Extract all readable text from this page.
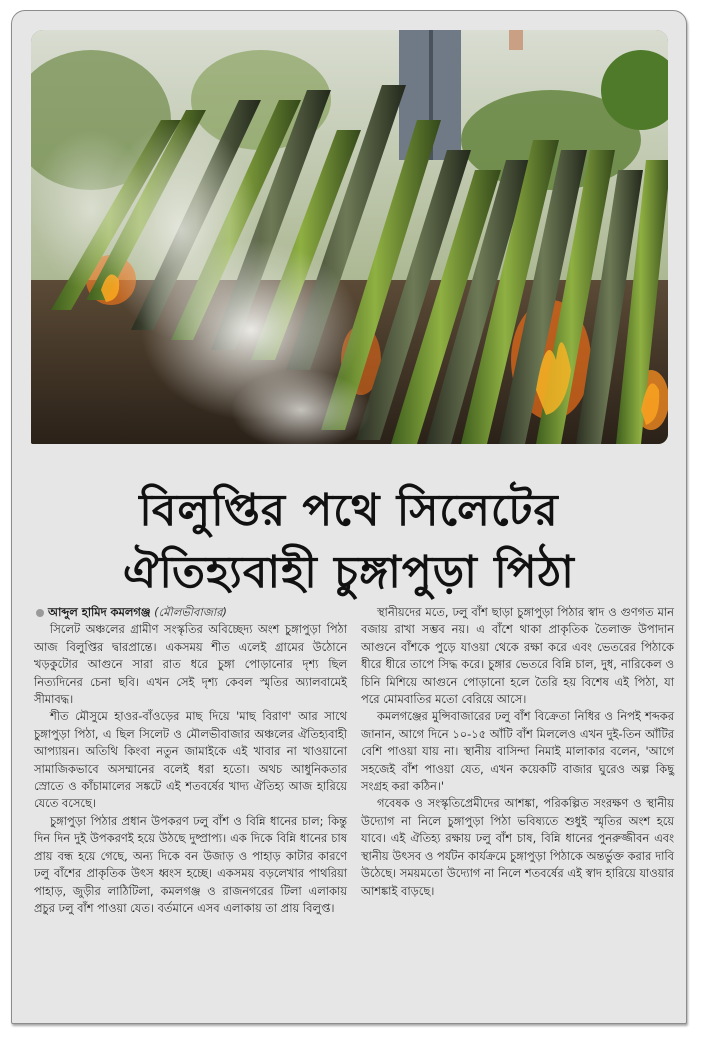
বিলুপ্তির পথে সিলেটের
ঐতিহ্যবাহী চুঙ্গাপুড়া পিঠা
আব্দুল হামিদ কমলগঞ্জ (মৌলভীবাজার)

সিলেট অঞ্চলের গ্রামীণ সংস্কৃতির অবিচ্ছেদ্য অংশ চুঙ্গাপুড়া পিঠা আজ বিলুপ্তির দ্বারপ্রান্তে। একসময় শীত এলেই গ্রামের উঠোনে খড়কুটোর আগুনে সারা রাত ধরে চুঙ্গা পোড়ানোর দৃশ্য ছিল নিত্যদিনের চেনা ছবি। এখন সেই দৃশ্য কেবল স্মৃতির অ্যালবামেই সীমাবদ্ধ।

শীত মৌসুমে হাওর-বাঁওড়ের মাছ দিয়ে 'মাছ বিরাণ' আর সাথে চুঙ্গাপুড়া পিঠা, এ ছিল সিলেট ও মৌলভীবাজার অঞ্চলের ঐতিহ্যবাহী আপ্যায়ন। অতিথি কিংবা নতুন জামাইকে এই খাবার না খাওয়ানো সামাজিকভাবে অসম্মানের বলেই ধরা হতো। অথচ আধুনিকতার স্রোতে ও কাঁচামালের সঙ্কটে এই শতবর্ষের খাদ্য ঐতিহ্য আজ হারিয়ে যেতে বসেছে।

চুঙ্গাপুড়া পিঠার প্রধান উপকরণ ঢলু বাঁশ ও বিন্নি ধানের চাল; কিন্তু দিন দিন দুই উপকরণই হয়ে উঠছে দুষ্প্রাপ্য। এক দিকে বিন্নি ধানের চাষ প্রায় বন্ধ হয়ে গেছে, অন্য দিকে বন উজাড় ও পাহাড় কাটার কারণে ঢলু বাঁশের প্রাকৃতিক উৎস ধ্বংস হচ্ছে। একসময় বড়লেখার পাথরিয়া পাহাড়, জুড়ীর লাঠিটিলা, কমলগঞ্জ ও রাজনগরের টিলা এলাকায় প্রচুর ঢলু বাঁশ পাওয়া যেত। বর্তমানে এসব এলাকায় তা প্রায় বিলুপ্ত।

স্থানীয়দের মতে, ঢলু বাঁশ ছাড়া চুঙ্গাপুড়া পিঠার স্বাদ ও গুণগত মান বজায় রাখা সম্ভব নয়। এ বাঁশে থাকা প্রাকৃতিক তৈলাক্ত উপাদান আগুনে বাঁশকে পুড়ে যাওয়া থেকে রক্ষা করে এবং ভেতরের পিঠাকে ধীরে ধীরে তাপে সিদ্ধ করে। চুঙ্গার ভেতরে বিন্নি চাল, দুধ, নারিকেল ও চিনি মিশিয়ে আগুনে পোড়ানো হলে তৈরি হয় বিশেষ এই পিঠা, যা পরে মোমবাতির মতো বেরিয়ে আসে।

কমলগঞ্জের মুন্সিবাজারের ঢলু বাঁশ বিক্রেতা নিধির ও নিপই শব্দকর জানান, আগে দিনে ১০-১৫ আঁটি বাঁশ মিললেও এখন দুই-তিন আঁটির বেশি পাওয়া যায় না। স্থানীয় বাসিন্দা নিমাই মালাকার বলেন, 'আগে সহজেই বাঁশ পাওয়া যেত, এখন কয়েকটি বাজার ঘুরেও অল্প কিছু সংগ্রহ করা কঠিন।'

গবেষক ও সংস্কৃতিপ্রেমীদের আশঙ্কা, পরিকল্পিত সংরক্ষণ ও স্থানীয় উদ্যোগ না নিলে চুঙ্গাপুড়া পিঠা ভবিষ্যতে শুধুই স্মৃতির অংশ হয়ে যাবে। এই ঐতিহ্য রক্ষায় ঢলু বাঁশ চাষ, বিন্নি ধানের পুনরুজ্জীবন এবং স্থানীয় উৎসব ও পর্যটন কার্যক্রমে চুঙ্গাপুড়া পিঠাকে অন্তর্ভুক্ত করার দাবি উঠেছে। সময়মতো উদ্যোগ না নিলে শতবর্ষের এই স্বাদ হারিয়ে যাওয়ার আশঙ্কাই বাড়ছে।
